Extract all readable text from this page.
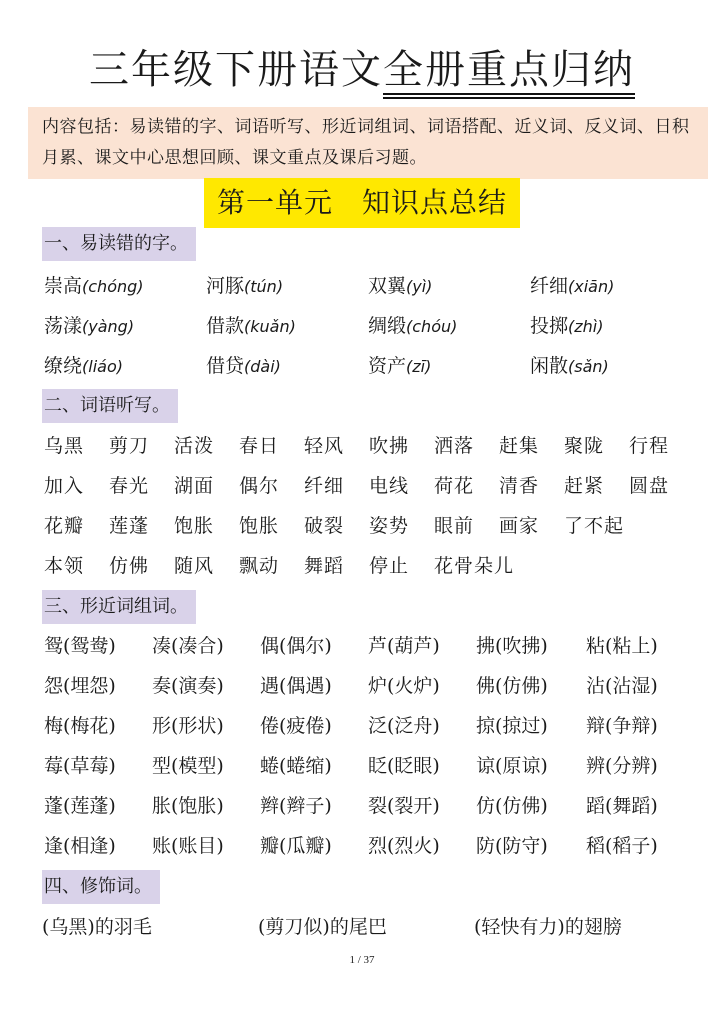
三年级下册语文全册重点归纳
内容包括：易读错的字、词语听写、形近词组词、词语搭配、近义词、反义词、日积月累、课文中心思想回顾、课文重点及课后习题。
第一单元　知识点总结
一、易读错的字。
崇高(chóng)	河豚(tún)	双翼(yì)	纤细(xiān)
荡漾(yàng)	借款(kuǎn)	绸缎(chóu)	投掷(zhì)
缭绕(liáo)	借贷(dài)	资产(zī)	闲散(sǎn)
二、词语听写。
乌黑 剪刀 活泼 春日 轻风 吹拂 洒落 赶集 聚陇 行程
加入 春光 湖面 偶尔 纤细 电线 荷花 清香 赶紧 圆盘
花瓣 莲蓬 饱胀 饱胀 破裂 姿势 眼前 画家 了不起
本领 仿佛 随风 飘动 舞蹈 停止 花骨朵儿
三、形近词组词。
鸳(鸳鸯) 凑(凑合) 偶(偶尔) 芦(葫芦) 拂(吹拂) 粘(粘上)
怨(埋怨) 奏(演奏) 遇(偶遇) 炉(火炉) 佛(仿佛) 沾(沾湿)
梅(梅花) 形(形状) 倦(疲倦) 泛(泛舟) 掠(掠过) 辩(争辩)
莓(草莓) 型(模型) 蜷(蜷缩) 眨(眨眼) 谅(原谅) 辨(分辨)
蓬(莲蓬) 胀(饱胀) 辫(辫子) 裂(裂开) 仿(仿佛) 蹈(舞蹈)
逢(相逢) 账(账目) 瓣(瓜瓣) 烈(烈火) 防(防守) 稻(稻子)
四、修饰词。
(乌黑)的羽毛	(剪刀似)的尾巴	(轻快有力)的翅膀
1 / 37
